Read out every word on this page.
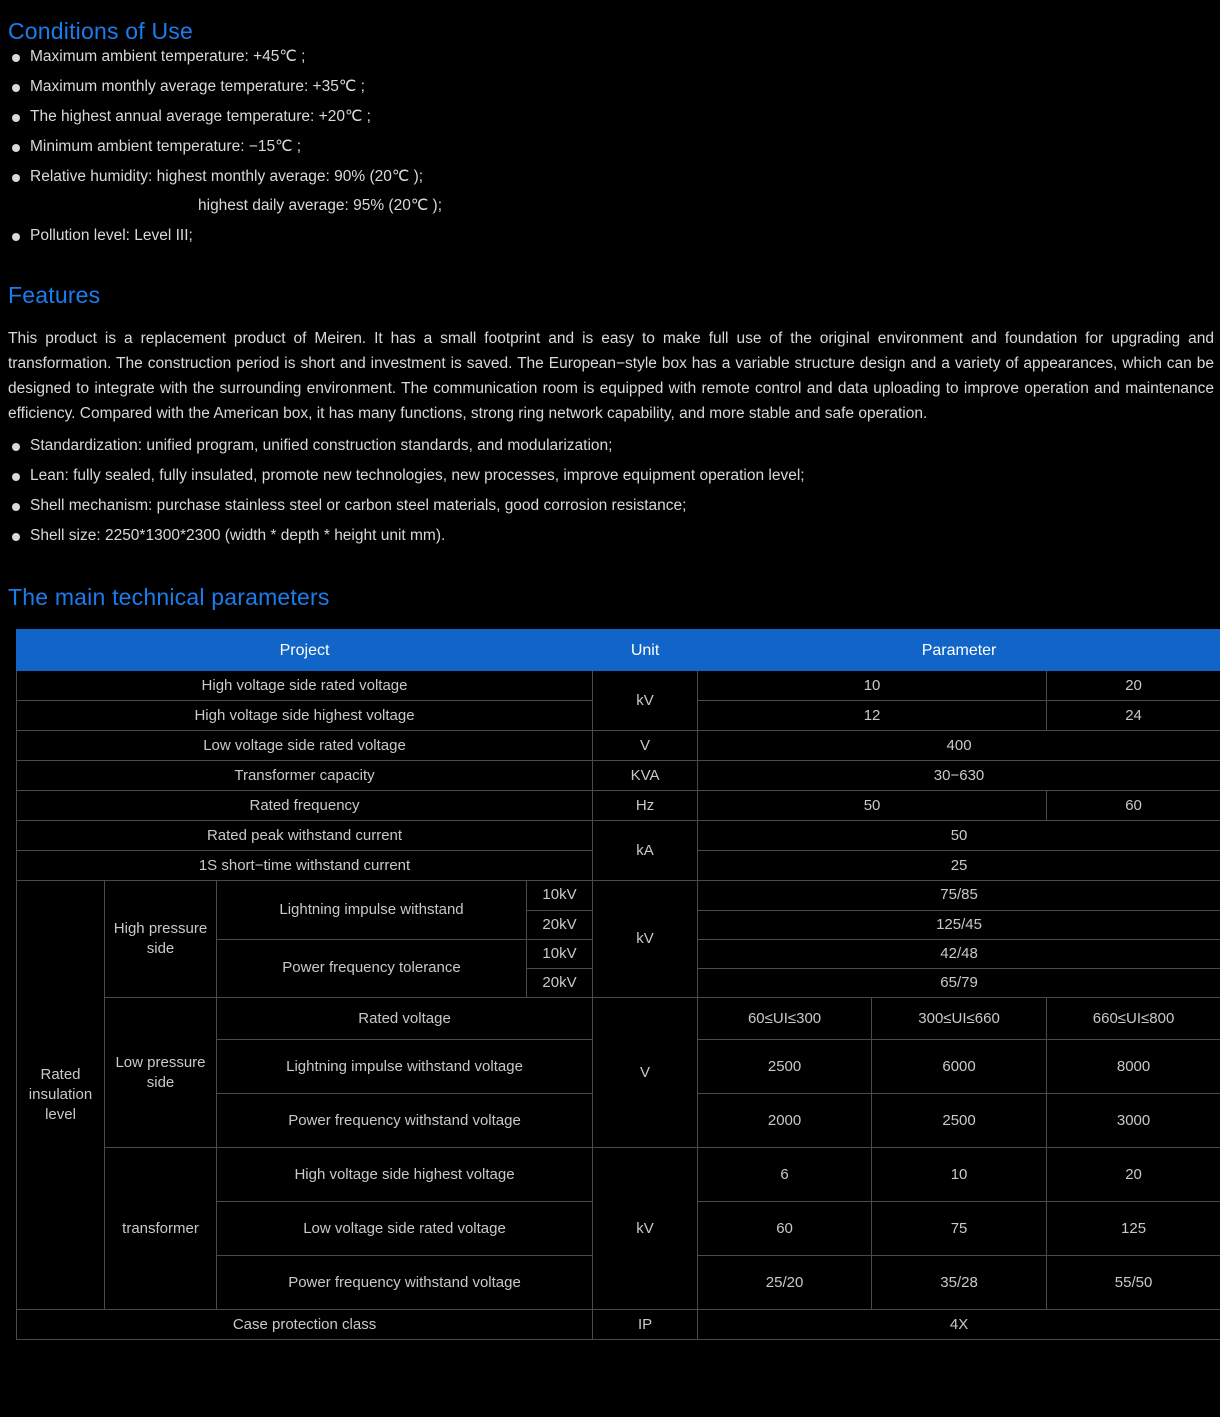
Conditions of Use
Maximum ambient temperature: +45℃ ;
Maximum monthly average temperature: +35℃ ;
The highest annual average temperature: +20℃ ;
Minimum ambient temperature: −15℃ ;
Relative humidity: highest monthly average: 90% (20℃ );
highest daily average: 95% (20℃ );
Pollution level: Level III;
Features

This product is a replacement product of Meiren. It has a small footprint and is easy to make full use of the original environment and foundation for upgrading and transformation. The construction period is short and investment is saved. The European−style box has a variable structure design and a variety of appearances, which can be designed to integrate with the surrounding environment. The communication room is equipped with remote control and data uploading to improve operation and maintenance efficiency. Compared with the American box, it has many functions, strong ring network capability, and more stable and safe operation.

Standardization: unified program, unified construction standards, and modularization;
Lean: fully sealed, fully insulated, promote new technologies, new processes, improve equipment operation level;
Shell mechanism: purchase stainless steel or carbon steel materials, good corrosion resistance;
Shell size: 2250*1300*2300 (width * depth * height unit mm).
The main technical parameters
Project				Unit	Parameter		
High voltage side rated voltage				kV	10		20
High voltage side highest voltage					12		24
Low voltage side rated voltage				V	400		
Transformer capacity				KVA	30−630		
Rated frequency				Hz	50		60
Rated peak withstand current				kA	50		
1S short−time withstand current					25		
Rated insulation level	High pressure side	Lightning impulse withstand	10kV	kV	75/85		
			20kV		125/45		
		Power frequency tolerance	10kV		42/48		
			20kV		65/79		
	Low pressure side	Rated voltage		V	60≤UI≤300	300≤UI≤660	660≤UI≤800
		Lightning impulse withstand voltage			2500	6000	8000
		Power frequency withstand voltage			2000	2500	3000
	transformer	High voltage side highest voltage		kV	6	10	20
		Low voltage side rated voltage			60	75	125
		Power frequency withstand voltage			25/20	35/28	55/50
Case protection class				IP	4X		
